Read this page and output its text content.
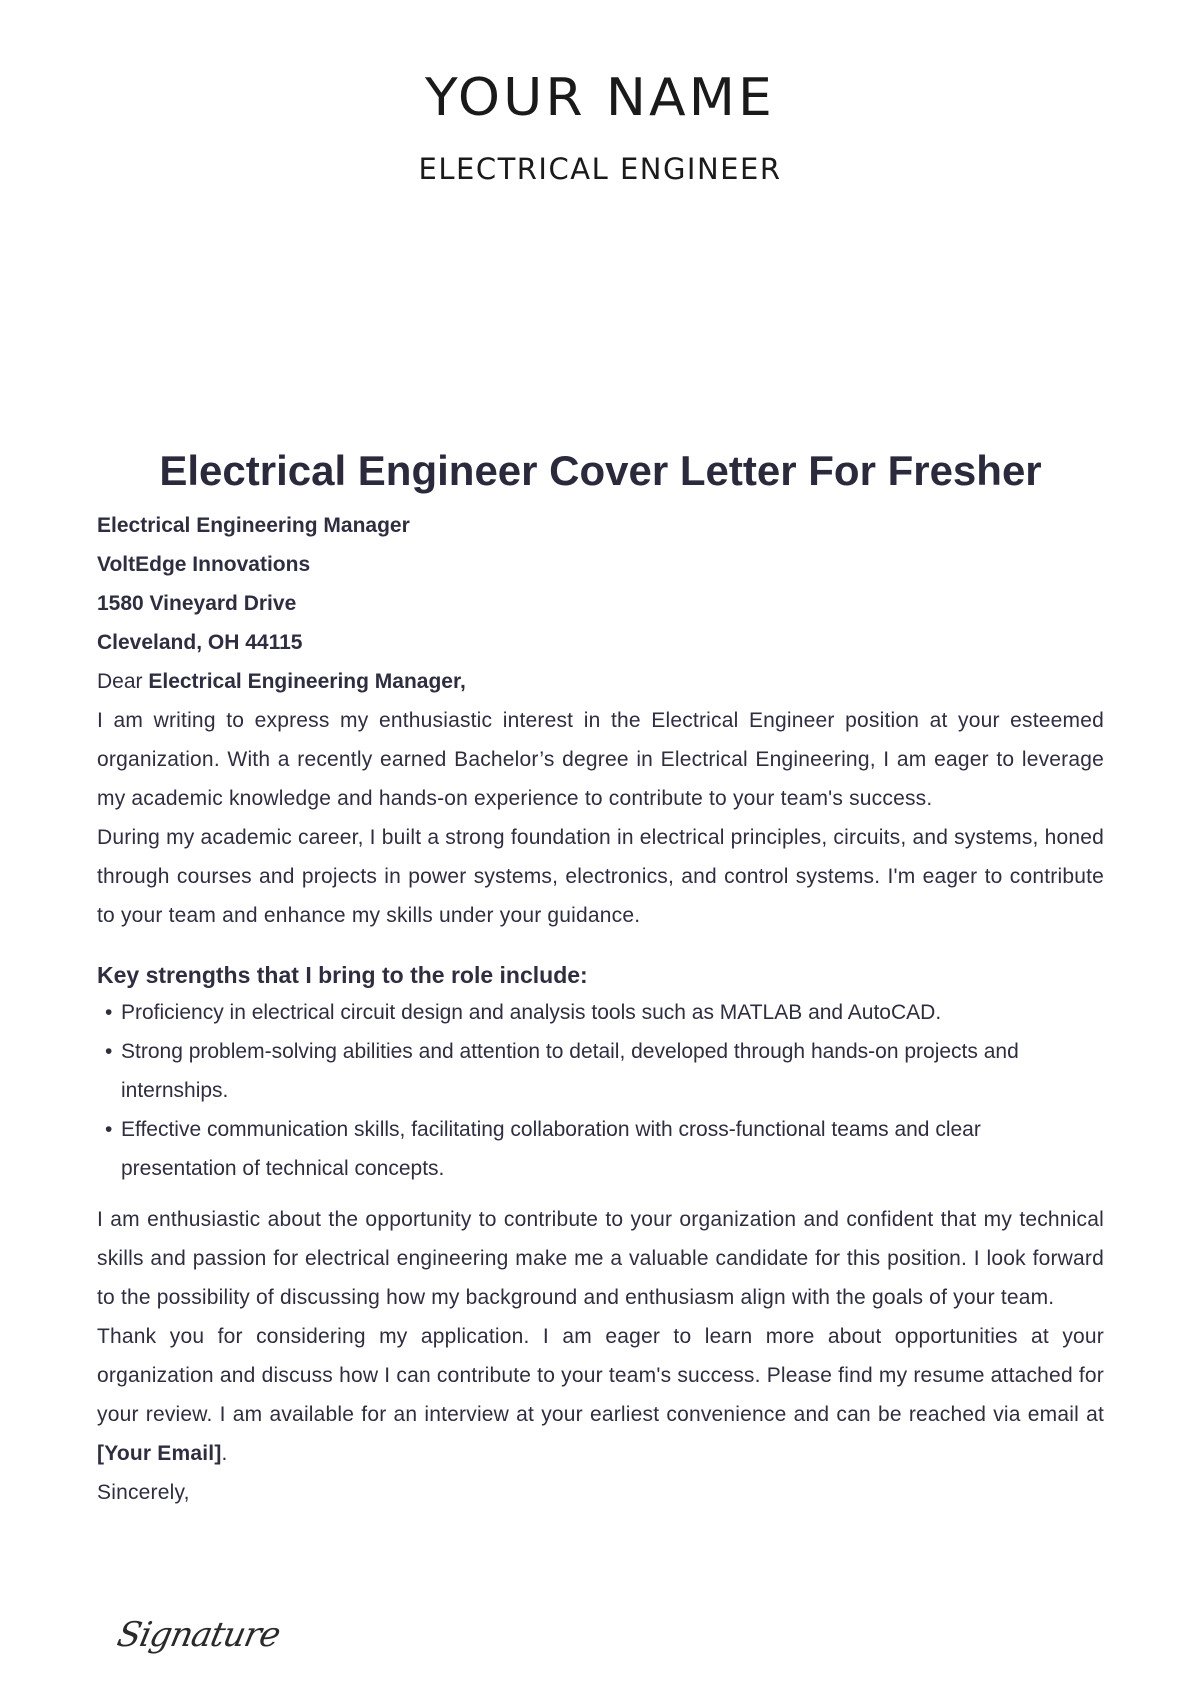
YOUR NAME
ELECTRICAL ENGINEER
Electrical Engineer Cover Letter For Fresher
Electrical Engineering Manager
VoltEdge Innovations
1580 Vineyard Drive
Cleveland, OH 44115
Dear Electrical Engineering Manager,

I am writing to express my enthusiastic interest in the Electrical Engineer position at your esteemed organization. With a recently earned Bachelor’s degree in Electrical Engineering, I am eager to leverage my academic knowledge and hands-on experience to contribute to your team's success.

During my academic career, I built a strong foundation in electrical principles, circuits, and systems, honed through courses and projects in power systems, electronics, and control systems. I'm eager to contribute to your team and enhance my skills under your guidance.

Key strengths that I bring to the role include:
• Proficiency in electrical circuit design and analysis tools such as MATLAB and AutoCAD.
• Strong problem-solving abilities and attention to detail, developed through hands-on projects and internships.
• Effective communication skills, facilitating collaboration with cross-functional teams and clear presentation of technical concepts.

I am enthusiastic about the opportunity to contribute to your organization and confident that my technical skills and passion for electrical engineering make me a valuable candidate for this position. I look forward to the possibility of discussing how my background and enthusiasm align with the goals of your team.

Thank you for considering my application. I am eager to learn more about opportunities at your organization and discuss how I can contribute to your team's success. Please find my resume attached for your review. I am available for an interview at your earliest convenience and can be reached via email at [Your Email].

Sincerely,
Signature
